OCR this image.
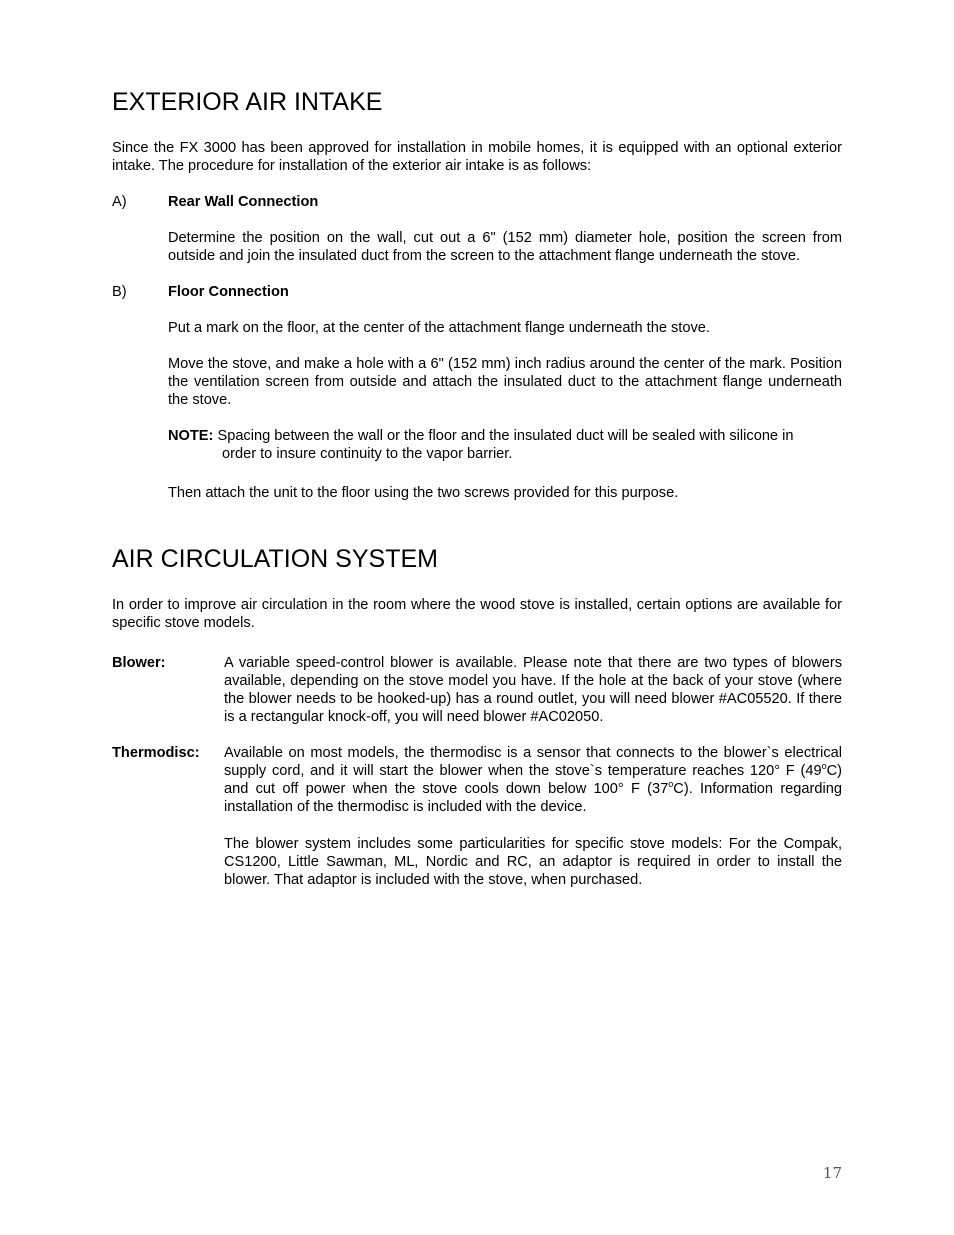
EXTERIOR AIR INTAKE
Since the FX 3000 has been approved for installation in mobile homes, it is equipped with an optional exterior intake. The procedure for installation of the exterior air intake is as follows:
A)	Rear Wall Connection
Determine the position on the wall, cut out a 6" (152 mm) diameter hole, position the screen from outside and join the insulated duct from the screen to the attachment flange underneath the stove.
B)	Floor Connection
Put a mark on the floor, at the center of the attachment flange underneath the stove.
Move the stove, and make a hole with a 6" (152 mm) inch radius around the center of the mark. Position the ventilation screen from outside and attach the insulated duct to the attachment flange underneath the stove.
NOTE: Spacing between the wall or the floor and the insulated duct will be sealed with silicone in
order to insure continuity to the vapor barrier.
Then attach the unit to the floor using the two screws provided for this purpose.
AIR CIRCULATION SYSTEM
In order to improve air circulation in the room where the wood stove is installed, certain options are available for specific stove models.
Blower:	A variable speed-control blower is available. Please note that there are two types of blowers available, depending on the stove model you have. If the hole at the back of your stove (where the blower needs to be hooked-up) has a round outlet, you will need blower #AC05520. If there is a rectangular knock-off, you will need blower #AC02050.
Thermodisc: Available on most models, the thermodisc is a sensor that connects to the blower`s electrical supply cord, and it will start the blower when the stove`s temperature reaches 120° F (49$^o$C) and cut off power when the stove cools down below 100° F (37$^o$C). Information regarding installation of the thermodisc is included with the device.
The blower system includes some particularities for specific stove models: For the Compak, CS1200, Little Sawman, ML, Nordic and RC, an adaptor is required in order to install the blower. That adaptor is included with the stove, when purchased.
17
